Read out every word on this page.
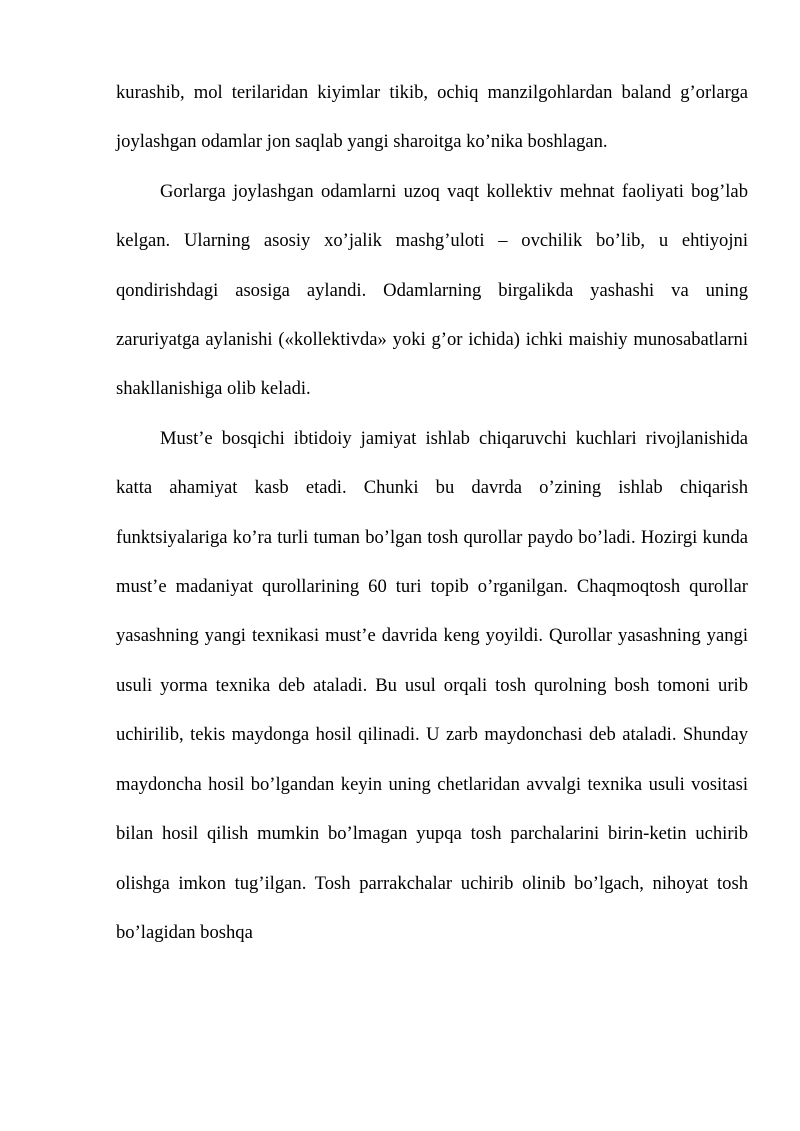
kurashib, mol terilaridan kiyimlar tikib, ochiq manzilgohlardan baland g’orlarga joylashgan odamlar jon saqlab yangi sharoitga ko’nika boshlagan.

Gorlarga joylashgan odamlarni uzoq vaqt kollektiv mehnat faoliyati bog’lab kelgan. Ularning asosiy xo’jalik mashg’uloti – ovchilik bo’lib, u ehtiyojni qondirishdagi asosiga aylandi. Odamlarning birgalikda yashashi va uning zaruriyatga aylanishi («kollektivda» yoki g’or ichida) ichki maishiy munosabatlarni shakllanishiga olib keladi.

Must’e bosqichi ibtidoiy jamiyat ishlab chiqaruvchi kuchlari rivojlanishida katta ahamiyat kasb etadi. Chunki bu davrda o’zining ishlab chiqarish funktsiyalariga ko’ra turli tuman bo’lgan tosh qurollar paydo bo’ladi. Hozirgi kunda must’e madaniyat qurollarining 60 turi topib o’rganilgan. Chaqmoqtosh qurollar yasashning yangi texnikasi must’e davrida keng yoyildi. Qurollar yasashning yangi usuli yorma texnika deb ataladi. Bu usul orqali tosh qurolning bosh tomoni urib uchirilib, tekis maydonga hosil qilinadi. U zarb maydonchasi deb ataladi. Shunday maydoncha hosil bo’lgandan keyin uning chetlaridan avvalgi texnika usuli vositasi bilan hosil qilish mumkin bo’lmagan yupqa tosh parchalarini birin-ketin uchirib olishga imkon tug’ilgan. Tosh parrakchalar uchirib olinib bo’lgach, nihoyat tosh bo’lagidan boshqa
